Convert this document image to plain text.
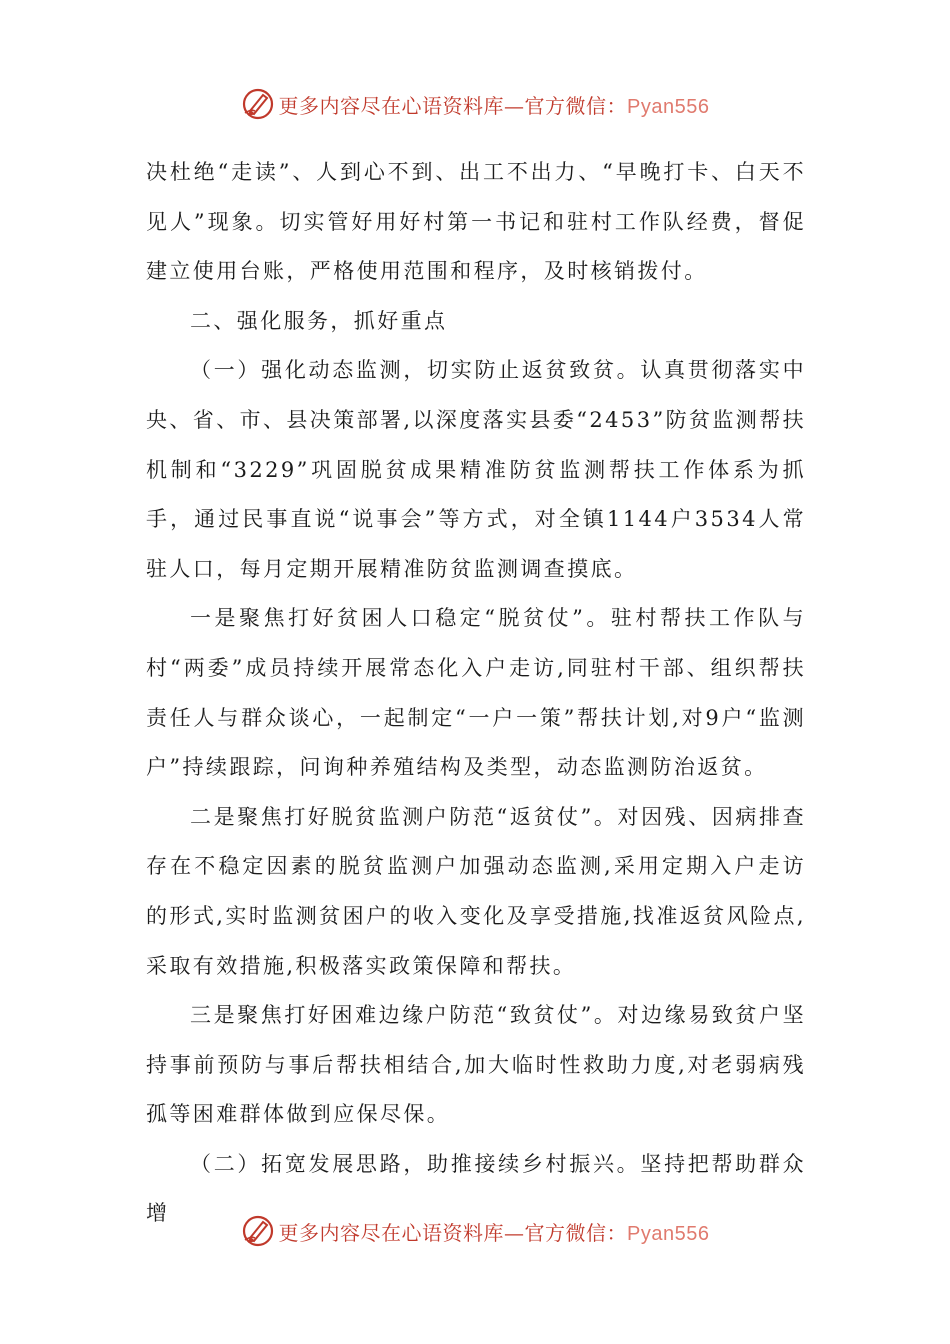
更多内容尽在心语资料库—官方微信：Pyan556

决杜绝“走读”、人到心不到、出工不出力、“早晚打卡、白天不见人”现象。切实管好用好村第一书记和驻村工作队经费，督促建立使用台账，严格使用范围和程序，及时核销拨付。

二、强化服务，抓好重点

（一）强化动态监测，切实防止返贫致贫。认真贯彻落实中央、省、市、县决策部署,以深度落实县委“2453”防贫监测帮扶机制和“3229”巩固脱贫成果精准防贫监测帮扶工作体系为抓手，通过民事直说“说事会”等方式，对全镇1144户3534人常驻人口，每月定期开展精准防贫监测调查摸底。

一是聚焦打好贫困人口稳定“脱贫仗”。驻村帮扶工作队与村“两委”成员持续开展常态化入户走访,同驻村干部、组织帮扶责任人与群众谈心，一起制定“一户一策”帮扶计划,对9户“监测户”持续跟踪，问询种养殖结构及类型，动态监测防治返贫。

二是聚焦打好脱贫监测户防范“返贫仗”。对因残、因病排查存在不稳定因素的脱贫监测户加强动态监测,采用定期入户走访的形式,实时监测贫困户的收入变化及享受措施,找准返贫风险点,采取有效措施,积极落实政策保障和帮扶。

三是聚焦打好困难边缘户防范“致贫仗”。对边缘易致贫户坚持事前预防与事后帮扶相结合,加大临时性救助力度,对老弱病残孤等困难群体做到应保尽保。

（二）拓宽发展思路，助推接续乡村振兴。坚持把帮助群众增

更多内容尽在心语资料库—官方微信：Pyan556
